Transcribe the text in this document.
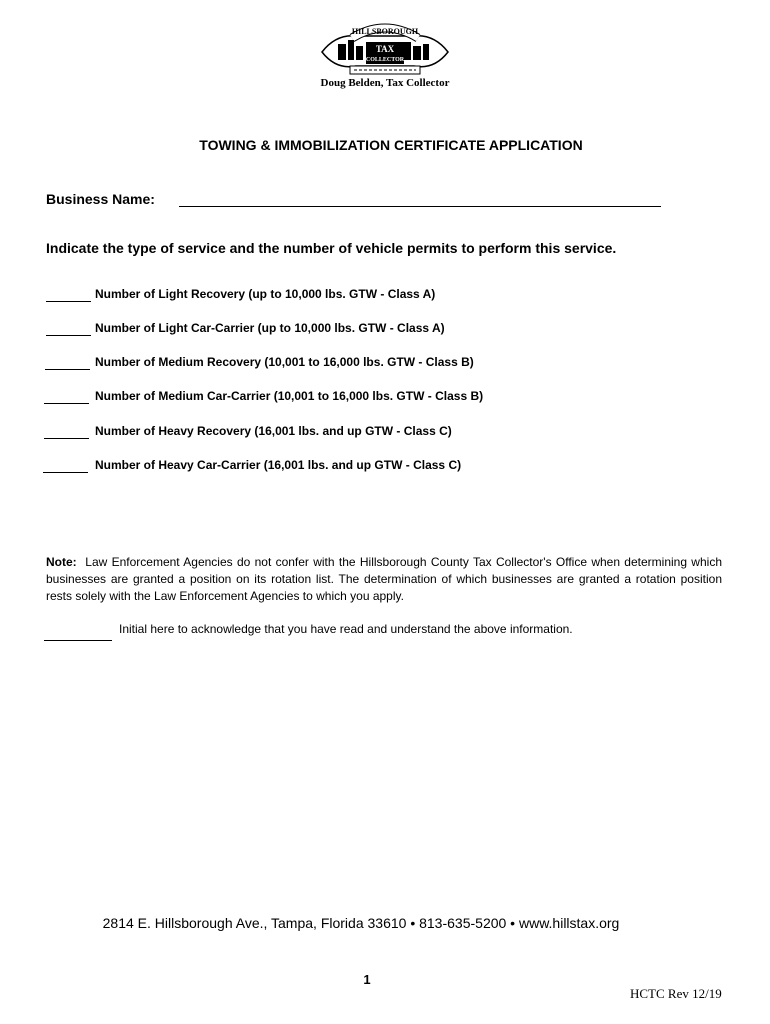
HILLSBOROUGH
TAX
COLLECTOR
Doug Belden, Tax Collector
TOWING & IMMOBILIZATION CERTIFICATE APPLICATION
Business Name:
Indicate the type of service and the number of vehicle permits to perform this service.
Number of Light Recovery (up to 10,000 lbs. GTW - Class A)
Number of Light Car-Carrier (up to 10,000 lbs. GTW - Class A)
Number of Medium Recovery (10,001 to 16,000 lbs. GTW - Class B)
Number of Medium Car-Carrier (10,001 to 16,000 lbs. GTW - Class B)
Number of Heavy Recovery (16,001 lbs. and up GTW - Class C)
Number of Heavy Car-Carrier (16,001 lbs. and up GTW - Class C)
Note: Law Enforcement Agencies do not confer with the Hillsborough County Tax Collector's Office when determining which businesses are granted a position on its rotation list. The determination of which businesses are granted a rotation position rests solely with the Law Enforcement Agencies to which you apply.
Initial here to acknowledge that you have read and understand the above information.
2814 E. Hillsborough Ave., Tampa, Florida 33610 • 813-635-5200 • www.hillstax.org
1
HCTC Rev 12/19
